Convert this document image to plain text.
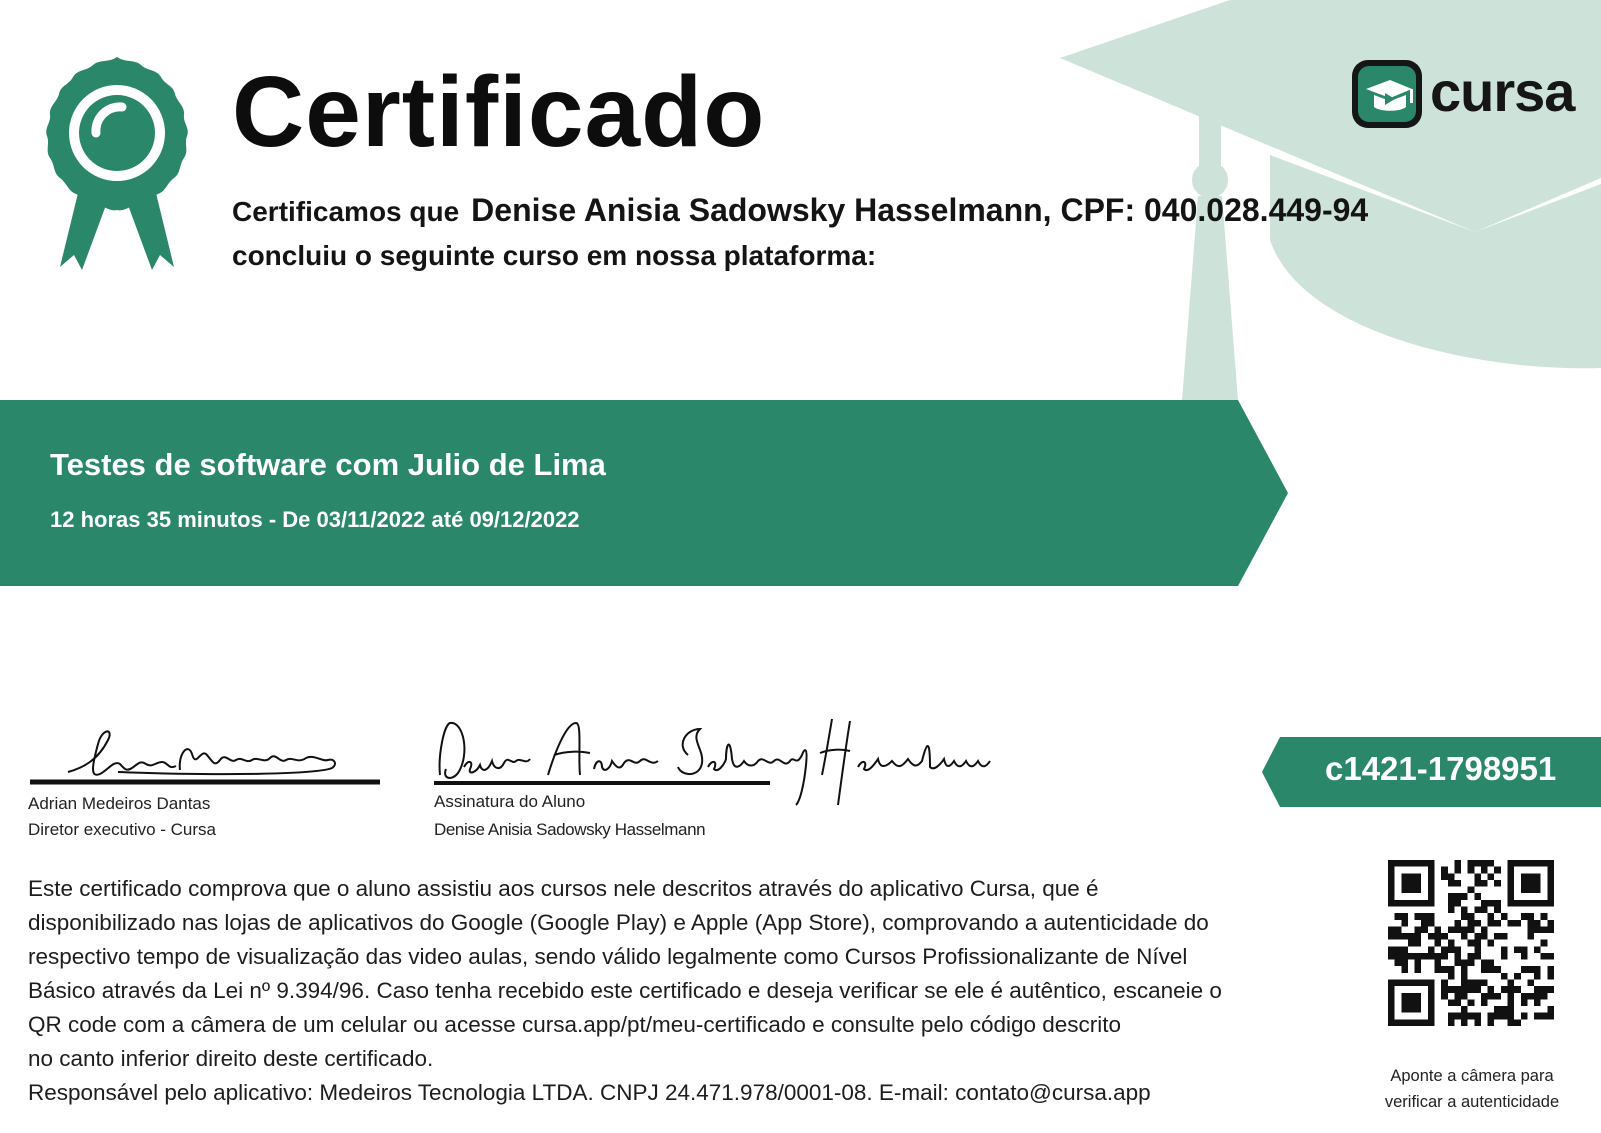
Certificado
Certificamos que Denise Anisia Sadowsky Hasselmann, CPF: 040.028.449-94
concluiu o seguinte curso em nossa plataforma:
cursa
Testes de software com Julio de Lima
12 horas 35 minutos - De 03/11/2022 até 09/12/2022
Adrian Medeiros Dantas
Diretor executivo - Cursa
Assinatura do Aluno
Denise Anisia Sadowsky Hasselmann
c1421-1798951

Este certificado comprova que o aluno assistiu aos cursos nele descritos através do aplicativo Cursa, que é

disponibilizado nas lojas de aplicativos do Google (Google Play) e Apple (App Store), comprovando a autenticidade do

respectivo tempo de visualização das video aulas, sendo válido legalmente como Cursos Profissionalizante de Nível

Básico através da Lei nº 9.394/96. Caso tenha recebido este certificado e deseja verificar se ele é autêntico, escaneie o

QR code com a câmera de um celular ou acesse cursa.app/pt/meu-certificado e consulte pelo código descrito

no canto inferior direito deste certificado.

Responsável pelo aplicativo: Medeiros Tecnologia LTDA. CNPJ 24.471.978/0001-08. E-mail: contato@cursa.app

Aponte a câmera para
verificar a autenticidade
